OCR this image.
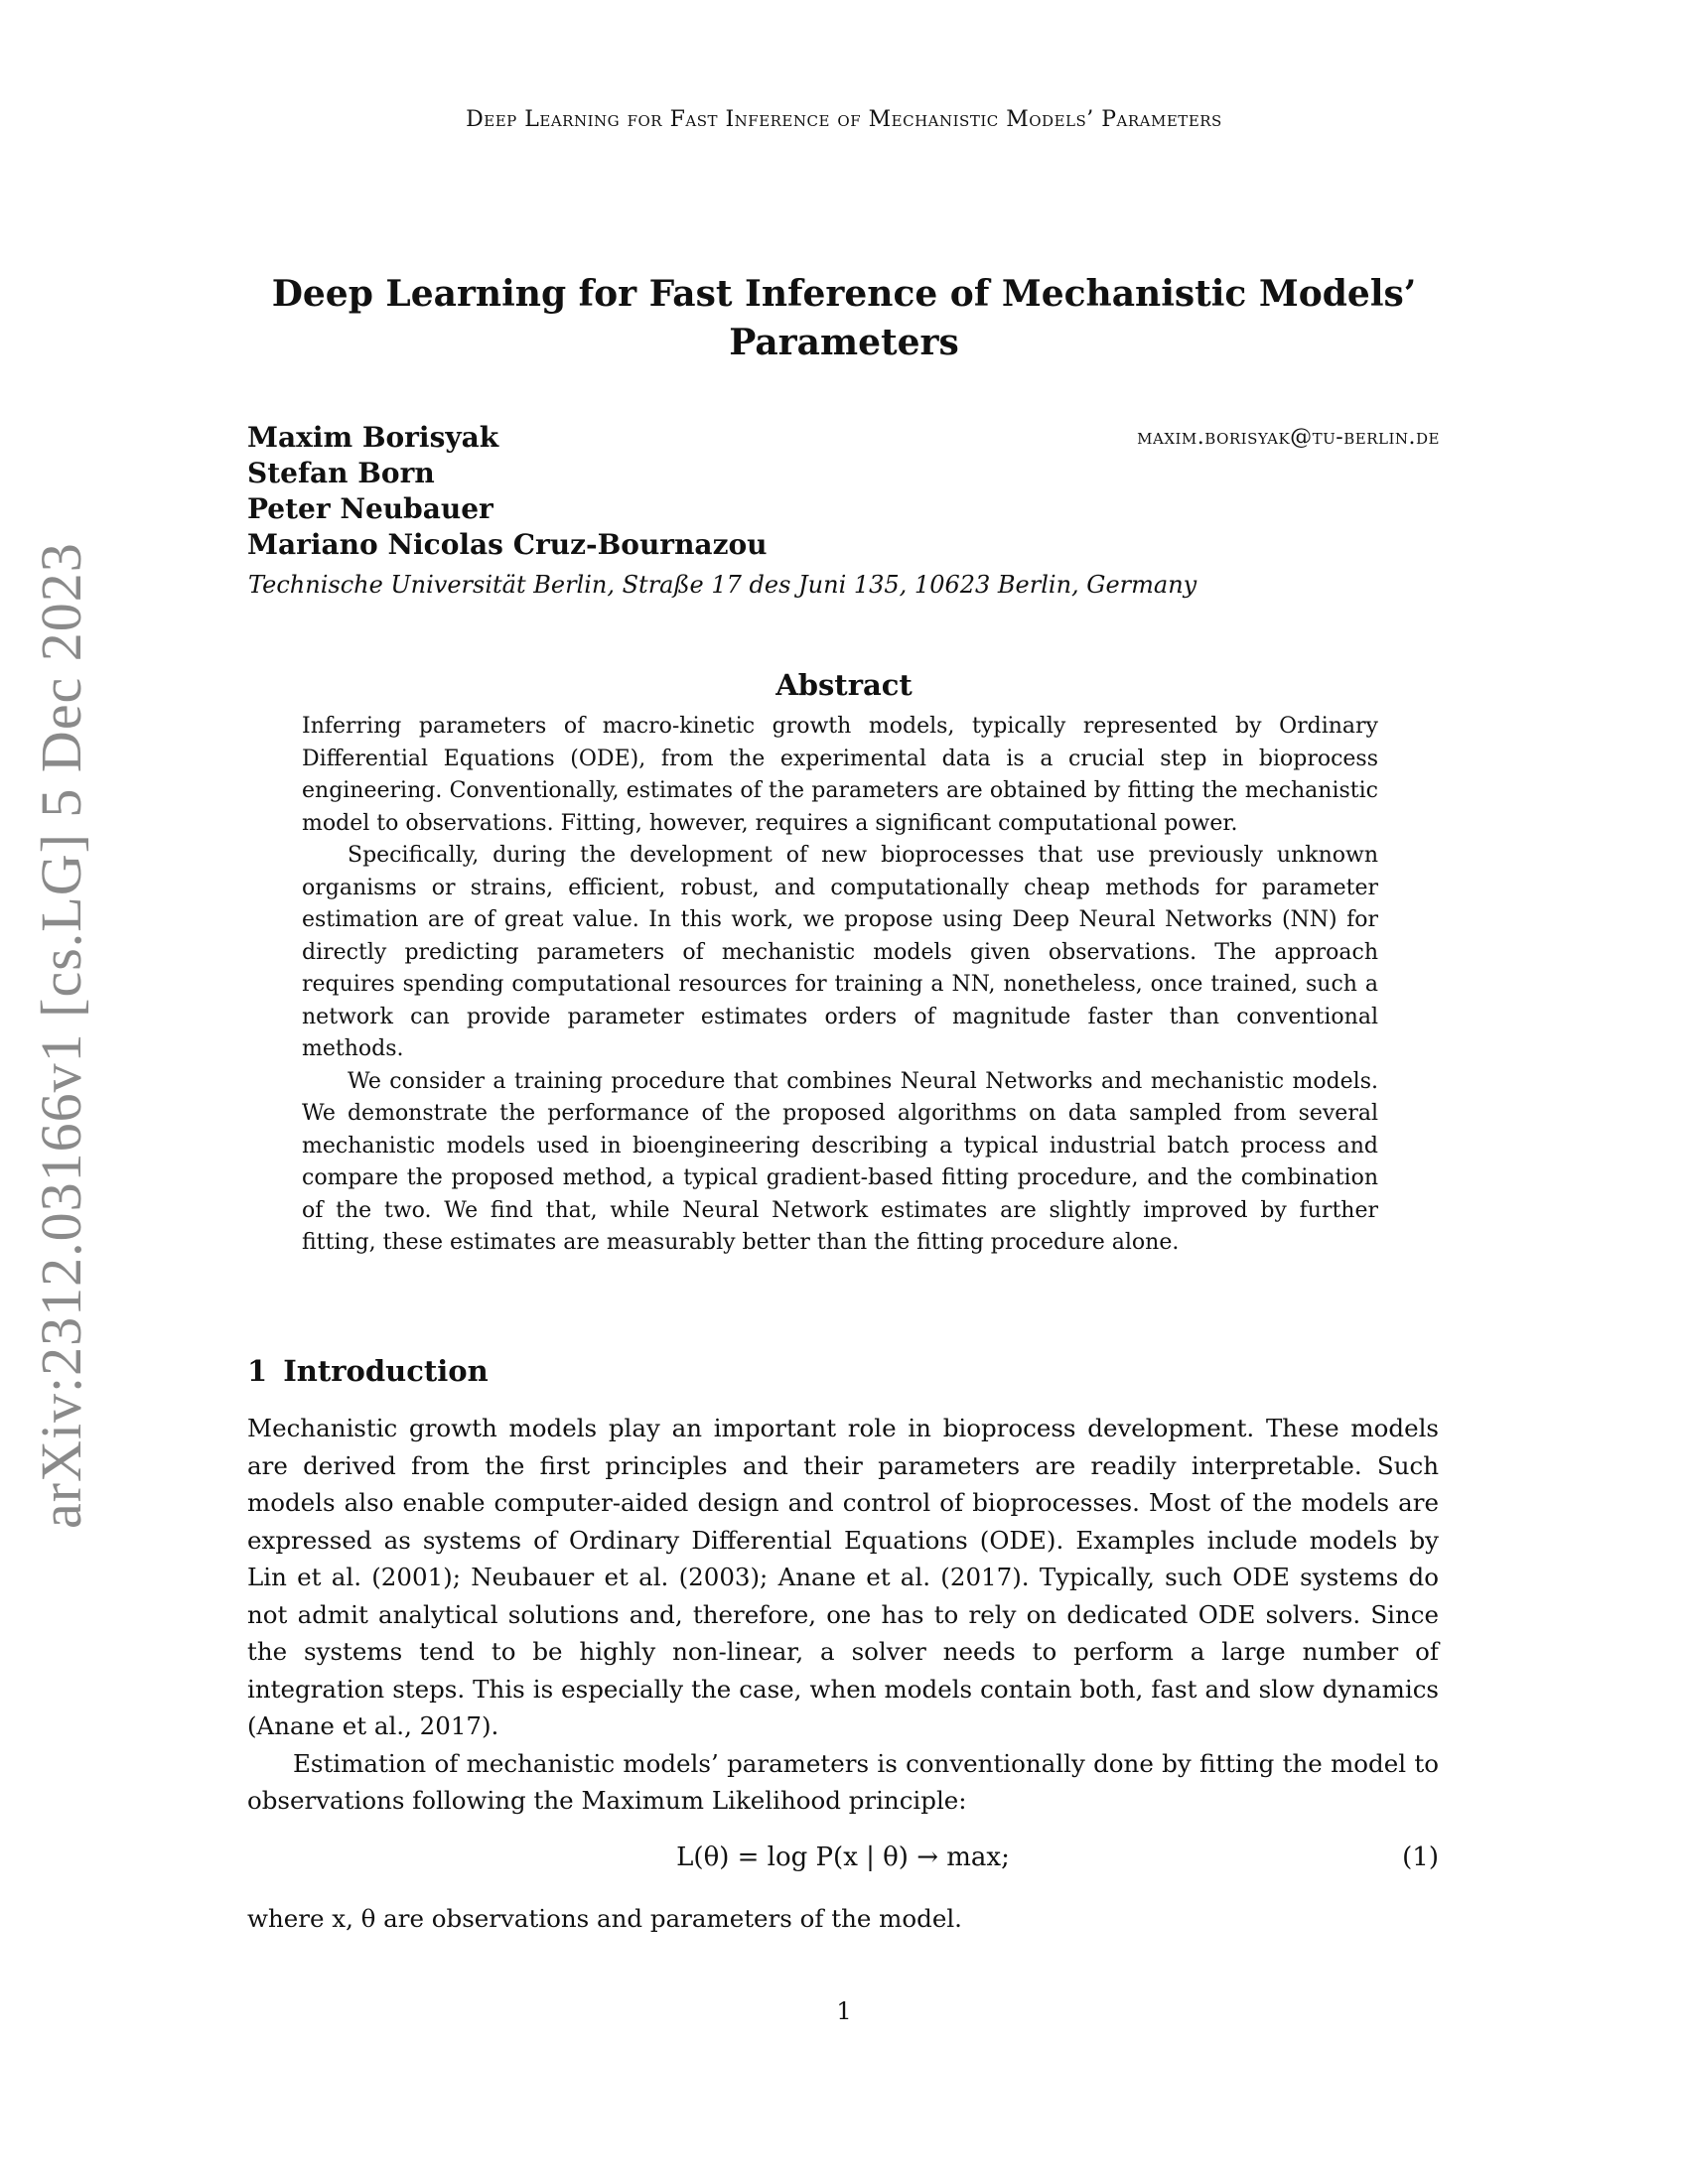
Deep Learning for Fast Inference of Mechanistic Models’ Parameters
arXiv:2312.03166v1 [cs.LG] 5 Dec 2023
Deep Learning for Fast Inference of Mechanistic Models’
Parameters
Maxim Borisyak
Stefan Born
Peter Neubauer
Mariano Nicolas Cruz-Bournazou
maxim.borisyak@tu-berlin.de
Technische Universität Berlin, Straße 17 des Juni 135, 10623 Berlin, Germany
Abstract

Inferring parameters of macro-kinetic growth models, typically represented by Ordinary Differential Equations (ODE), from the experimental data is a crucial step in bioprocess engineering. Conventionally, estimates of the parameters are obtained by fitting the mechanistic model to observations. Fitting, however, requires a significant computational power.

Specifically, during the development of new bioprocesses that use previously unknown organisms or strains, efficient, robust, and computationally cheap methods for parameter estimation are of great value. In this work, we propose using Deep Neural Networks (NN) for directly predicting parameters of mechanistic models given observations. The approach requires spending computational resources for training a NN, nonetheless, once trained, such a network can provide parameter estimates orders of magnitude faster than conventional methods.

We consider a training procedure that combines Neural Networks and mechanistic models. We demonstrate the performance of the proposed algorithms on data sampled from several mechanistic models used in bioengineering describing a typical industrial batch process and compare the proposed method, a typical gradient-based fitting procedure, and the combination of the two. We find that, while Neural Network estimates are slightly improved by further fitting, these estimates are measurably better than the fitting procedure alone.

1 Introduction

Mechanistic growth models play an important role in bioprocess development. These models are derived from the first principles and their parameters are readily interpretable. Such models also enable computer-aided design and control of bioprocesses. Most of the models are expressed as systems of Ordinary Differential Equations (ODE). Examples include models by Lin et al. (2001); Neubauer et al. (2003); Anane et al. (2017). Typically, such ODE systems do not admit analytical solutions and, therefore, one has to rely on dedicated ODE solvers. Since the systems tend to be highly non-linear, a solver needs to perform a large number of integration steps. This is especially the case, when models contain both, fast and slow dynamics (Anane et al., 2017).

Estimation of mechanistic models’ parameters is conventionally done by fitting the model to observations following the Maximum Likelihood principle:

L(θ) = log P(x | θ) → max;	(1)
where x, θ are observations and parameters of the model.
1
